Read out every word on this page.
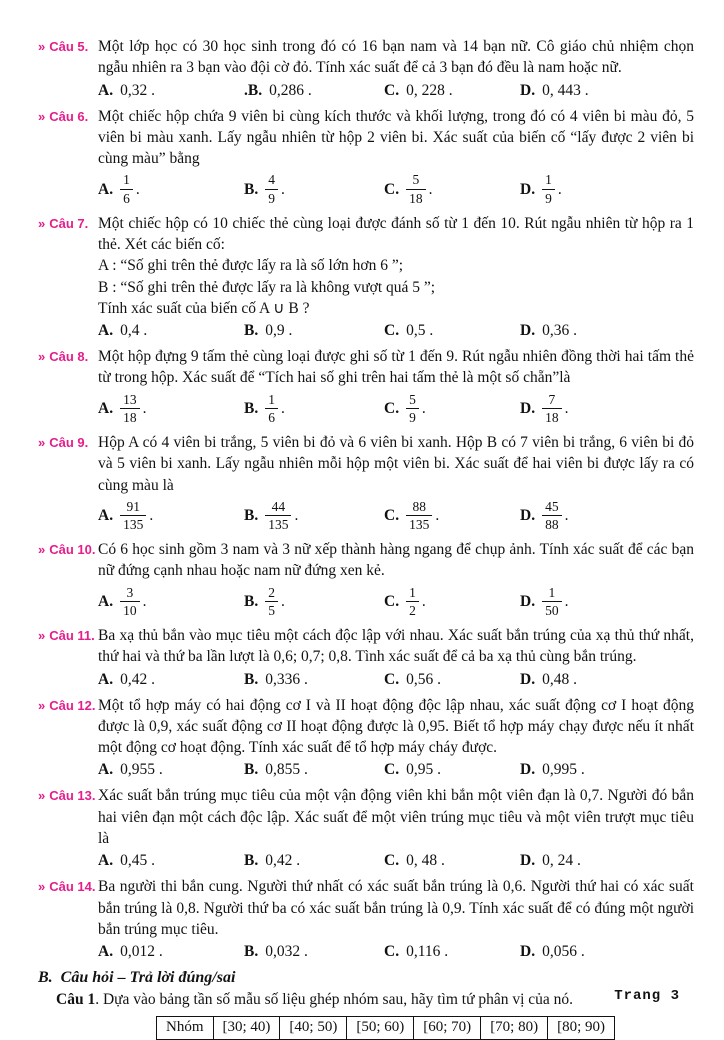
» Câu 5. Một lớp học có 30 học sinh trong đó có 16 bạn nam và 14 bạn nữ. Cô giáo chủ nhiệm chọn ngẫu nhiên ra 3 bạn vào đội cờ đỏ. Tính xác suất để cả 3 bạn đó đều là nam hoặc nữ.
A. 0,32 .	.B. 0,286 .	C. 0, 228 .	D. 0, 443 .
» Câu 6. Một chiếc hộp chứa 9 viên bi cùng kích thước và khối lượng, trong đó có 4 viên bi màu đỏ, 5 viên bi màu xanh. Lấy ngẫu nhiên từ hộp 2 viên bi. Xác suất của biến cố “lấy được 2 viên bi cùng màu” bằng
A. $\frac{1}{6}$ .	B. $\frac{4}{9}$ .	C. $\frac{5}{18}$ .	D. $\frac{1}{9}$ .
» Câu 7. Một chiếc hộp có 10 chiếc thẻ cùng loại được đánh số từ 1 đến 10. Rút ngẫu nhiên từ hộp ra 1 thẻ. Xét các biến cố:
A : “Số ghi trên thẻ được lấy ra là số lớn hơn 6 ”;
B : “Số ghi trên thẻ được lấy ra là không vượt quá 5 ”;
Tính xác suất của biến cố A ∪ B ?
A. 0,4 .	B. 0,9 .	C. 0,5 .	D. 0,36 .
» Câu 8. Một hộp đựng 9 tấm thẻ cùng loại được ghi số từ 1 đến 9. Rút ngẫu nhiên đồng thời hai tấm thẻ từ trong hộp. Xác suất để “Tích hai số ghi trên hai tấm thẻ là một số chẵn”là
A. $\frac{13}{18}$ .	B. $\frac{1}{6}$ .	C. $\frac{5}{9}$ .	D. $\frac{7}{18}$ .
» Câu 9. Hộp A có 4 viên bi trắng, 5 viên bi đỏ và 6 viên bi xanh. Hộp B có 7 viên bi trắng, 6 viên bi đỏ và 5 viên bi xanh. Lấy ngẫu nhiên mỗi hộp một viên bi. Xác suất để hai viên bi được lấy ra có cùng màu là
A. $\frac{91}{135}$ .	B. $\frac{44}{135}$ .	C. $\frac{88}{135}$ .	D. $\frac{45}{88}$ .
» Câu 10. Có 6 học sinh gồm 3 nam và 3 nữ xếp thành hàng ngang để chụp ảnh. Tính xác suất để các bạn nữ đứng cạnh nhau hoặc nam nữ đứng xen kẻ.
A. $\frac{3}{10}$ .	B. $\frac{2}{5}$ .	C. $\frac{1}{2}$ .	D. $\frac{1}{50}$ .
» Câu 11. Ba xạ thủ bắn vào mục tiêu một cách độc lập với nhau. Xác suất bắn trúng của xạ thủ thứ nhất, thứ hai và thứ ba lần lượt là 0,6; 0,7; 0,8. Tình xác suất để cả ba xạ thủ cùng bắn trúng.
A. 0,42 .	B. 0,336 .	C. 0,56 .	D. 0,48 .
» Câu 12. Một tổ hợp máy có hai động cơ I và II hoạt động độc lập nhau, xác suất động cơ I hoạt động được là 0,9, xác suất động cơ II hoạt động được là 0,95. Biết tổ hợp máy chạy được nếu ít nhất một động cơ hoạt động. Tính xác suất để tổ hợp máy cháy được.
A. 0,955 .	B. 0,855 .	C. 0,95 .	D. 0,995 .
» Câu 13. Xác suất bắn trúng mục tiêu của một vận động viên khi bắn một viên đạn là 0,7. Người đó bắn hai viên đạn một cách độc lập. Xác suất để một viên trúng mục tiêu và một viên trượt mục tiêu là
A. 0,45 .	B. 0,42 .	C. 0, 48 .	D. 0, 24 .
» Câu 14. Ba người thi bắn cung. Người thứ nhất có xác suất bắn trúng là 0,6. Người thứ hai có xác suất bắn trúng là 0,8. Người thứ ba có xác suất bắn trúng là 0,9. Tính xác suất để có đúng một người bắn trúng mục tiêu.
A. 0,012 .	B. 0,032 .	C. 0,116 .	D. 0,056 .
B.  Câu hỏi – Trả lời đúng/sai
Câu 1. Dựa vào bảng tần số mẫu số liệu ghép nhóm sau, hãy tìm tứ phân vị của nó.
Nhóm	[30; 40)	[40; 50)	[50; 60)	[60; 70)	[70; 80)	[80; 90)
Trang 3
